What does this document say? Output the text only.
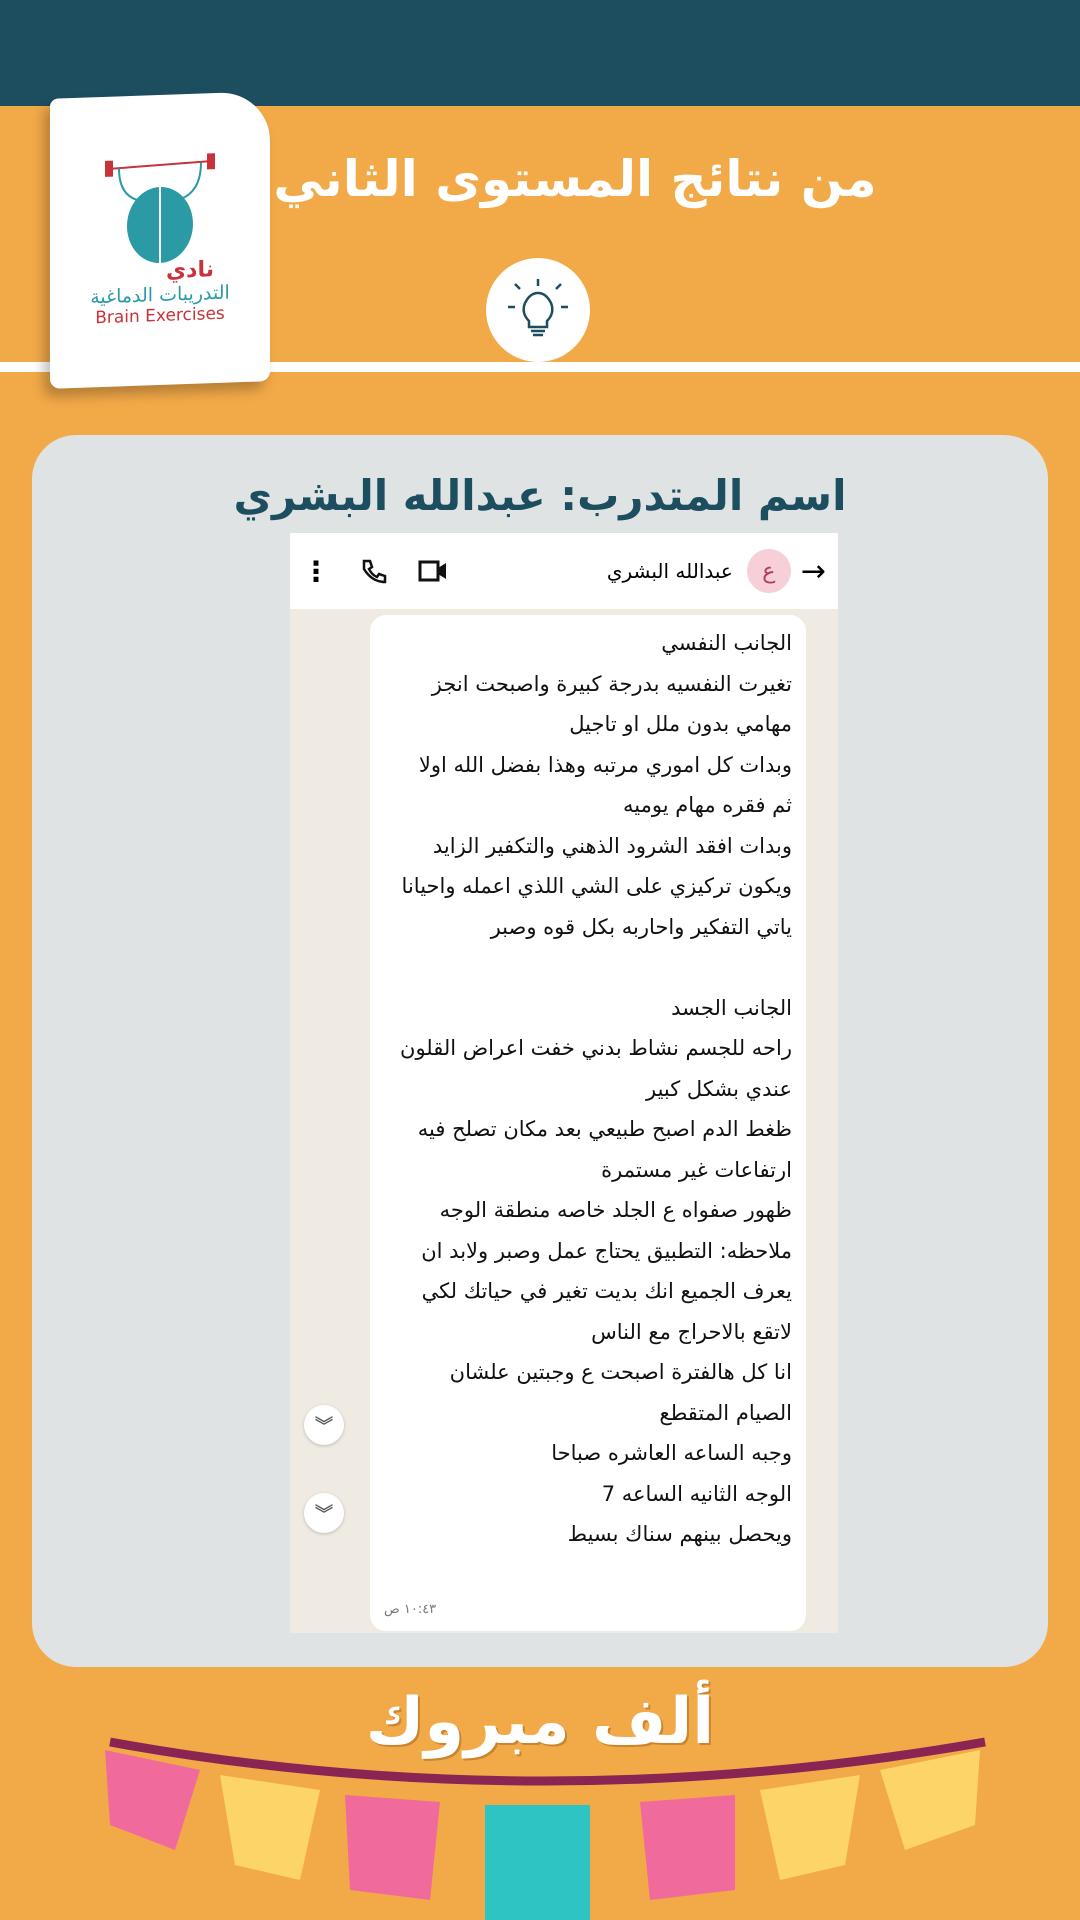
نادي
التدريبات الدماغية
Brain Exercises
من نتائج المستوى الثاني
اسم المتدرب: عبدالله البشري
→
ع
عبدالله البشري
⋮
الجانب النفسي
تغيرت النفسيه بدرجة كبيرة واصبحت انجز
مهامي بدون ملل او تاجيل
وبدات كل اموري مرتبه وهذا بفضل الله اولا
ثم فقره مهام يوميه
وبدات افقد الشرود الذهني والتكفير الزايد
ويكون تركيزي على الشي اللذي اعمله واحيانا
ياتي التفكير واحاربه بكل قوه وصبر
الجانب الجسد
راحه للجسم نشاط بدني خفت اعراض القلون
عندي بشكل كبير
ظغط الدم اصبح طبيعي بعد مكان تصلح فيه
ارتفاعات غير مستمرة
ظهور صفواه ع الجلد خاصه منطقة الوجه
ملاحظه: التطبيق يحتاج عمل وصبر ولابد ان
يعرف الجميع انك بديت تغير في حياتك لكي
لاتقع بالاحراج مع الناس
انا كل هالفترة اصبحت ع وجبتين علشان
الصيام المتقطع
وجبه الساعه العاشره صباحا
الوجه الثانيه الساعه 7
ويحصل بينهم سناك بسيط
١٠:٤٣ ص
︾
︾
ألف مبروك
